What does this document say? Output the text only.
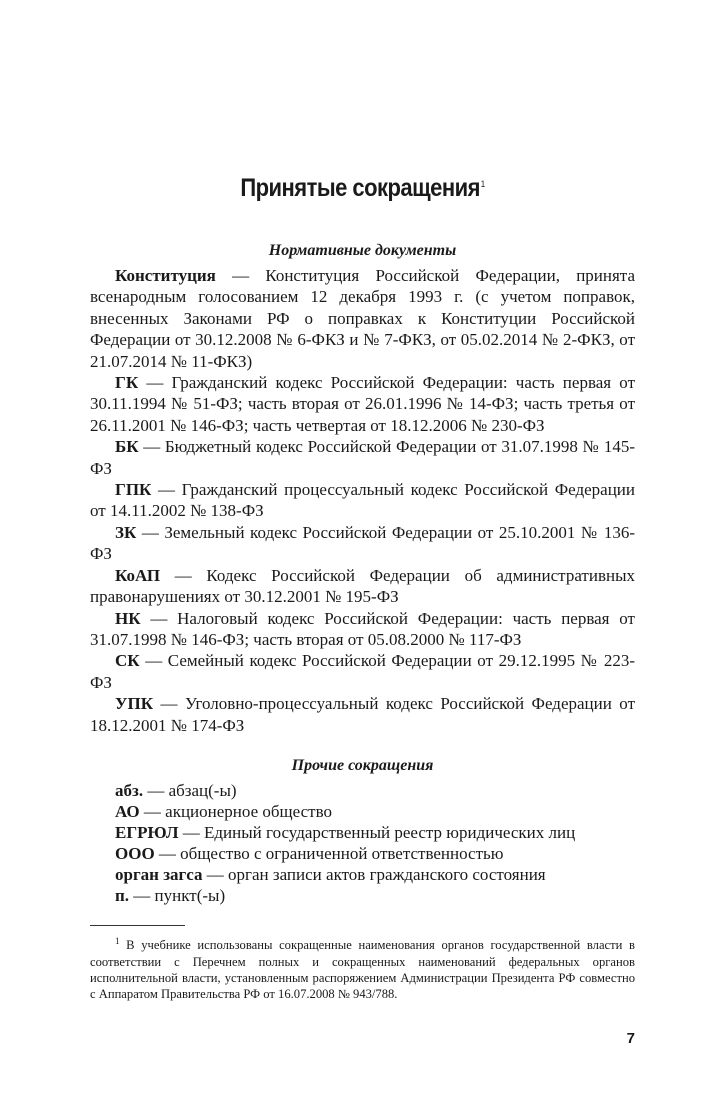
Принятые сокращения$^1$
Нормативные документы

Конституция — Конституция Российской Федерации, принята всенародным голосованием 12 декабря 1993 г. (с учетом поправок, внесенных Законами РФ о поправках к Конституции Российской Федерации от 30.12.2008 № 6-ФКЗ и № 7-ФКЗ, от 05.02.2014 № 2-ФКЗ, от 21.07.2014 № 11-ФКЗ)

ГК — Гражданский кодекс Российской Федерации: часть первая от 30.11.1994 № 51-ФЗ; часть вторая от 26.01.1996 № 14-ФЗ; часть третья от 26.11.2001 № 146-ФЗ; часть четвертая от 18.12.2006 № 230-ФЗ

БК — Бюджетный кодекс Российской Федерации от 31.07.1998 № 145-ФЗ

ГПК — Гражданский процессуальный кодекс Российской Федерации от 14.11.2002 № 138-ФЗ

ЗК — Земельный кодекс Российской Федерации от 25.10.2001 № 136-ФЗ

КоАП — Кодекс Российской Федерации об административных правонарушениях от 30.12.2001 № 195-ФЗ

НК — Налоговый кодекс Российской Федерации: часть первая от 31.07.1998 № 146-ФЗ; часть вторая от 05.08.2000 № 117-ФЗ

СК — Семейный кодекс Российской Федерации от 29.12.1995 № 223-ФЗ

УПК — Уголовно-процессуальный кодекс Российской Федерации от 18.12.2001 № 174-ФЗ

Прочие сокращения

абз. — абзац(-ы)

АО — акционерное общество

ЕГРЮЛ — Единый государственный реестр юридических лиц

ООО — общество с ограниченной ответственностью

орган загса — орган записи актов гражданского состояния

п. — пункт(-ы)

$^1$ В учебнике использованы сокращенные наименования органов государственной власти в соответствии с Перечнем полных и сокращенных наименований федеральных органов исполнительной власти, установленным распоряжением Администрации Президента РФ совместно с Аппаратом Правительства РФ от 16.07.2008 № 943/788.

7
